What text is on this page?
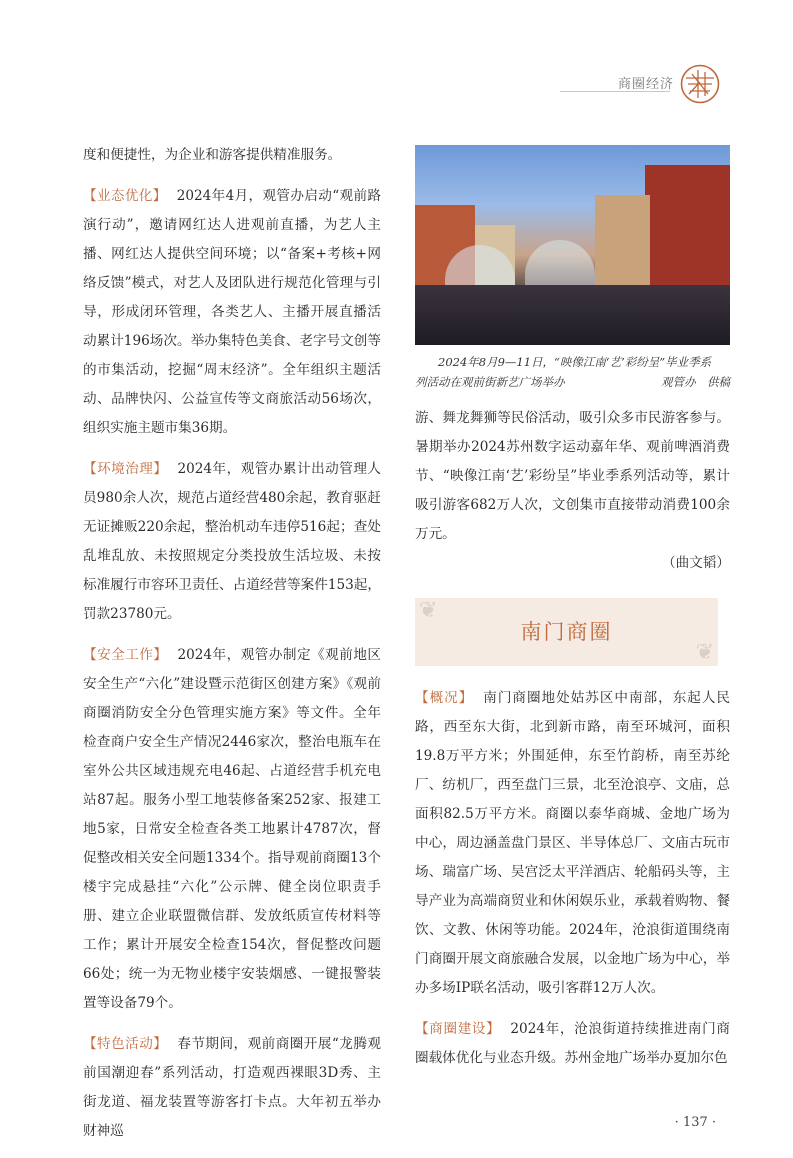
商圈经济
度和便捷性，为企业和游客提供精准服务。
【业态优化】 2024年4月，观管办启动“观前路演行动”，邀请网红达人进观前直播，为艺人主播、网红达人提供空间环境；以“备案+考核+网络反馈”模式，对艺人及团队进行规范化管理与引导，形成闭环管理，各类艺人、主播开展直播活动累计196场次。举办集特色美食、老字号文创等的市集活动，挖掘“周末经济”。全年组织主题活动、品牌快闪、公益宣传等文商旅活动56场次，组织实施主题市集36期。
【环境治理】 2024年，观管办累计出动管理人员980余人次，规范占道经营480余起，教育驱赶无证摊贩220余起，整治机动车违停516起；查处乱堆乱放、未按照规定分类投放生活垃圾、未按标准履行市容环卫责任、占道经营等案件153起，罚款23780元。
【安全工作】 2024年，观管办制定《观前地区安全生产“六化”建设暨示范街区创建方案》《观前商圈消防安全分色管理实施方案》等文件。全年检查商户安全生产情况2446家次，整治电瓶车在室外公共区域违规充电46起、占道经营手机充电站87起。服务小型工地装修备案252家、报建工地5家，日常安全检查各类工地累计4787次，督促整改相关安全问题1334个。指导观前商圈13个楼宇完成悬挂“六化”公示牌、健全岗位职责手册、建立企业联盟微信群、发放纸质宣传材料等工作；累计开展安全检查154次，督促整改问题66处；统一为无物业楼宇安装烟感、一键报警装置等设备79个。
【特色活动】 春节期间，观前商圈开展“龙腾观前国潮迎春”系列活动，打造观西裸眼3D秀、主街龙道、福龙装置等游客打卡点。大年初五举办财神巡
2024年8月9—11日，“映像江南‘艺’彩纷呈”毕业季系
列活动在观前街新艺广场举办	观管办　供稿
游、舞龙舞狮等民俗活动，吸引众多市民游客参与。暑期举办2024苏州数字运动嘉年华、观前啤酒消费节、“映像江南‘艺’彩纷呈”毕业季系列活动等，累计吸引游客682万人次，文创集市直接带动消费100余万元。
（曲文韬）
❦
❦
南门商圈
【概况】 南门商圈地处姑苏区中南部，东起人民路，西至东大街，北到新市路，南至环城河，面积19.8万平方米；外围延伸，东至竹韵桥，南至苏纶厂、纺机厂，西至盘门三景，北至沧浪亭、文庙，总面积82.5万平方米。商圈以泰华商城、金地广场为中心，周边涵盖盘门景区、半导体总厂、文庙古玩市场、瑞富广场、吴宫泛太平洋酒店、轮船码头等，主导产业为高端商贸业和休闲娱乐业，承载着购物、餐饮、文教、休闲等功能。2024年，沧浪街道围绕南门商圈开展文商旅融合发展，以金地广场为中心，举办多场IP联名活动，吸引客群12万人次。
【商圈建设】 2024年，沧浪街道持续推进南门商圈载体优化与业态升级。苏州金地广场举办夏加尔色
· 137 ·
